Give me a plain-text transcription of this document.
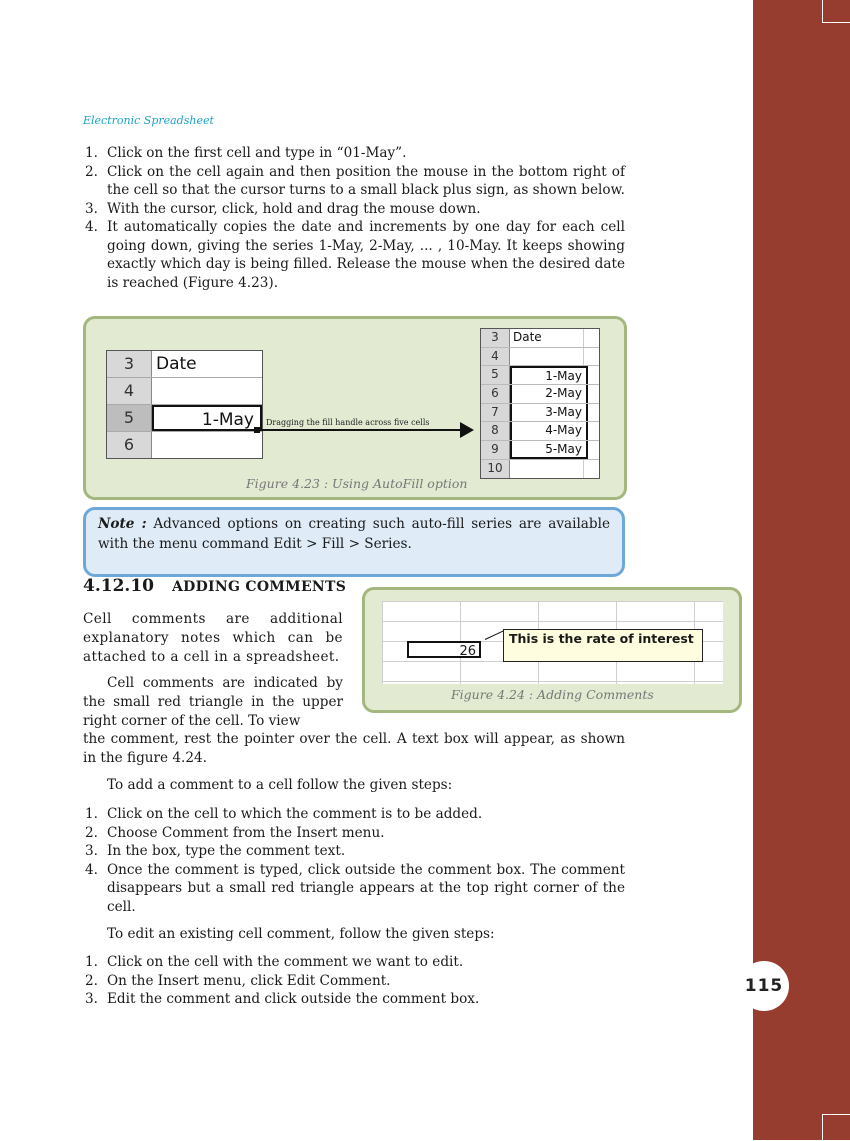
115
Electronic Spreadsheet
1. Click on the first cell and type in “01-May”.
2. Click on the cell again and then position the mouse in the bottom right of the cell so that the cursor turns to a small black plus sign, as shown below.
3. With the cursor, click, hold and drag the mouse down.
4. It automatically copies the date and increments by one day for each cell going down, giving the series 1-May, 2-May, ... , 10-May. It keeps showing exactly which day is being filled. Release the mouse when the desired date is reached (Figure 4.23).
3	Date
4
5	1-May
6
Dragging the fill handle across five cells
3	Date
4
5	1-May
6	2-May
7	3-May
8	4-May
9	5-May
10
Figure 4.23 : Using AutoFill option
Note : Advanced options on creating such auto-fill series are available with the menu command Edit > Fill > Series.
4.12.10 ADDING COMMENTS

Cell comments are additional explanatory notes which can be attached to a cell in a spreadsheet.

Cell comments are indicated by the small red triangle in the upper right corner of the cell. To view

the comment, rest the pointer over the cell. A text box will appear, as shown in the figure 4.24.

26
This is the rate of interest
Figure 4.24 : Adding Comments

To add a comment to a cell follow the given steps:

1. Click on the cell to which the comment is to be added.
2. Choose Comment from the Insert menu.
3. In the box, type the comment text.
4. Once the comment is typed, click outside the comment box. The comment disappears but a small red triangle appears at the top right corner of the cell.

To edit an existing cell comment, follow the given steps:

1. Click on the cell with the comment we want to edit.
2. On the Insert menu, click Edit Comment.
3. Edit the comment and click outside the comment box.
